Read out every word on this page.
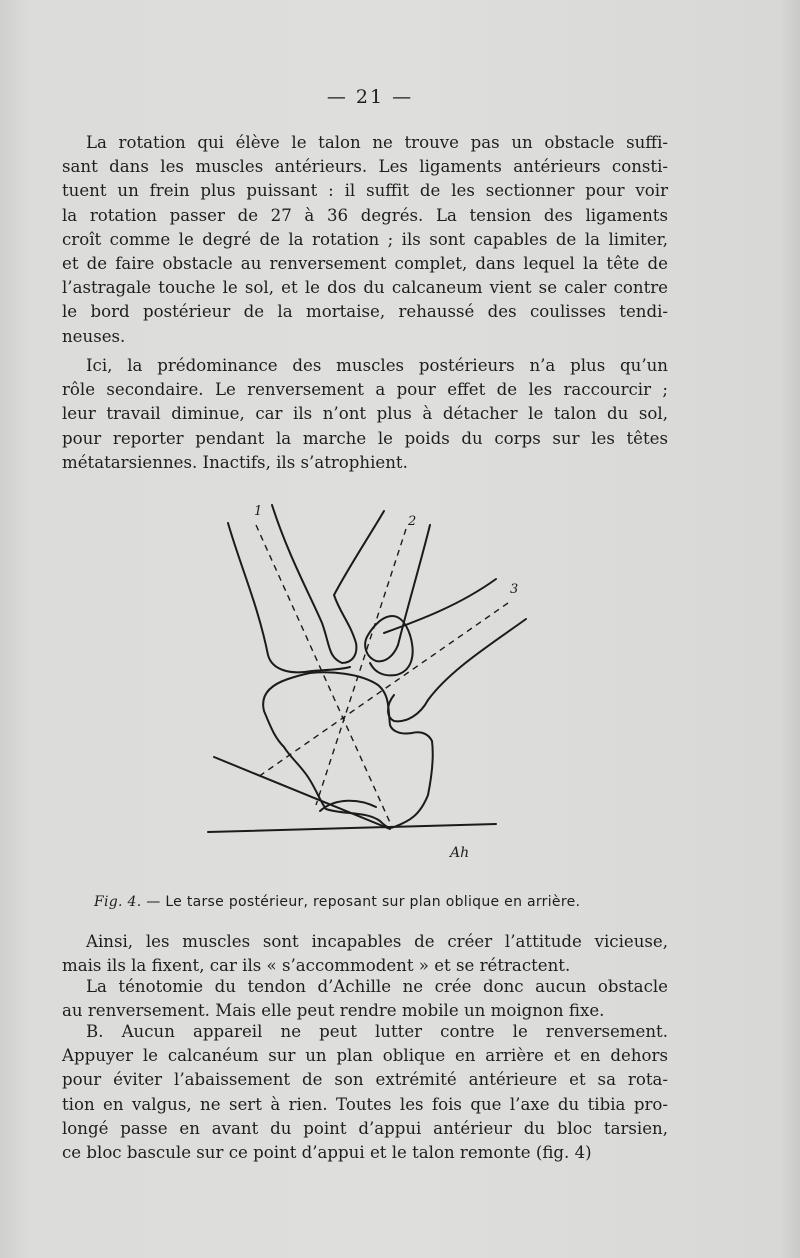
— 21 —
La rotation qui élève le talon ne trouve pas un obstacle suffi-
sant dans les muscles antérieurs. Les ligaments antérieurs consti-
tuent un frein plus puissant : il suffit de les sectionner pour voir
la rotation passer de 27 à 36 degrés. La tension des ligaments
croît comme le degré de la rotation ; ils sont capables de la limiter,
et de faire obstacle au renversement complet, dans lequel la tête de
l’astragale touche le sol, et le dos du calcaneum vient se caler contre
le bord postérieur de la mortaise, rehaussé des coulisses tendi-
neuses.
Ici, la prédominance des muscles postérieurs n’a plus qu’un
rôle secondaire. Le renversement a pour effet de les raccourcir ;
leur travail diminue, car ils n’ont plus à détacher le talon du sol,
pour reporter pendant la marche le poids du corps sur les têtes
métatarsiennes. Inactifs, ils s’atrophient.
1
2
3
Ah
Fig. 4. — Le tarse postérieur, reposant sur plan oblique en arrière.
Ainsi, les muscles sont incapables de créer l’attitude vicieuse,
mais ils la fixent, car ils « s’accommodent » et se rétractent.
La ténotomie du tendon d’Achille ne crée donc aucun obstacle
au renversement. Mais elle peut rendre mobile un moignon fixe.
B. Aucun appareil ne peut lutter contre le renversement.
Appuyer le calcanéum sur un plan oblique en arrière et en dehors
pour éviter l’abaissement de son extrémité antérieure et sa rota-
tion en valgus, ne sert à rien. Toutes les fois que l’axe du tibia pro-
longé passe en avant du point d’appui antérieur du bloc tarsien,
ce bloc bascule sur ce point d’appui et le talon remonte (fig. 4)
